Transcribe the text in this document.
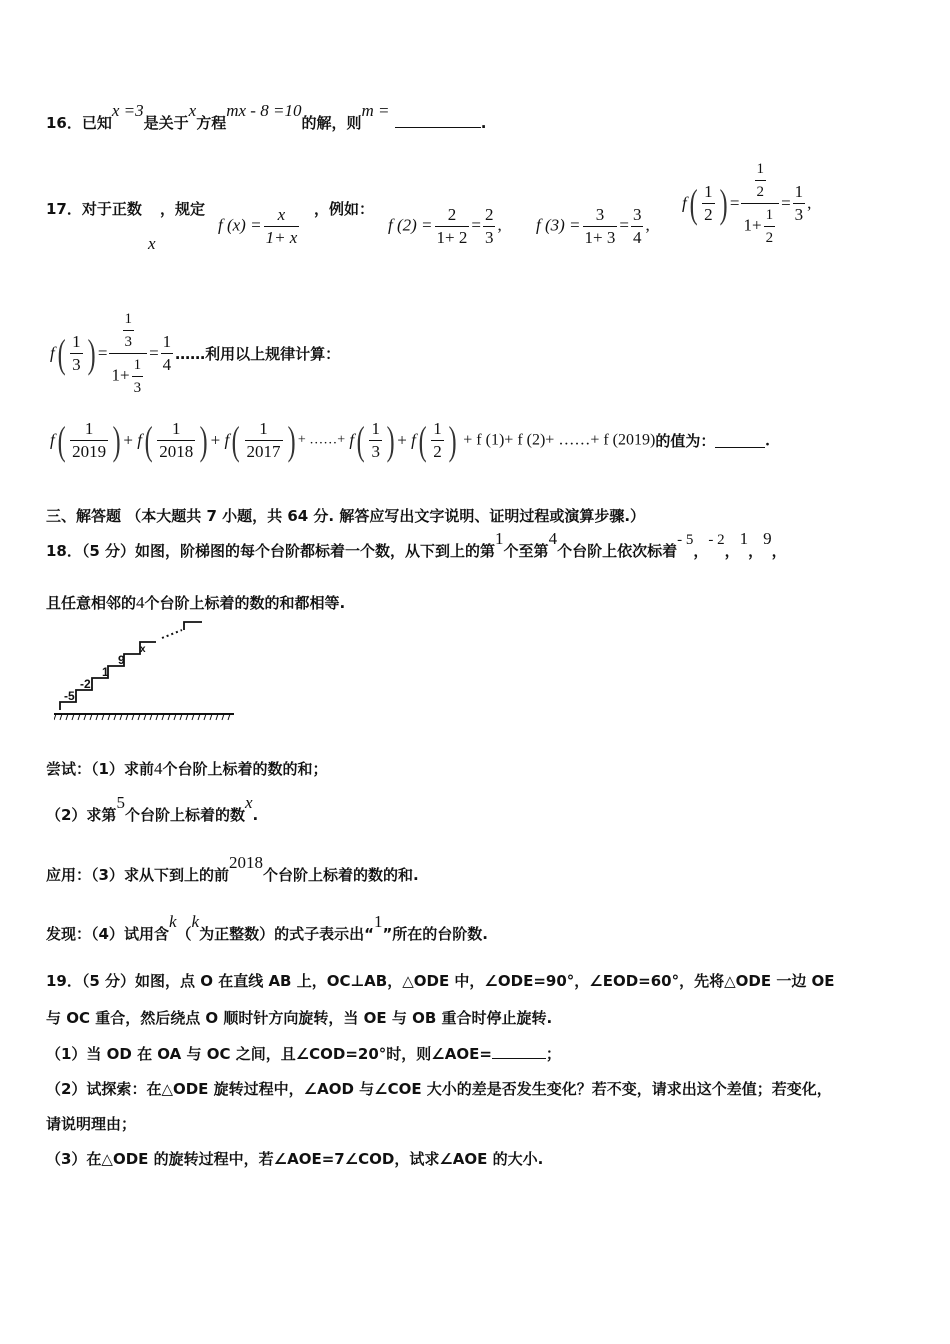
16．已知x =3是关于x方程mx - 8 =10的解，则m = .
17．对于正数
x
，规定
f $(x) = \frac{x}{1+ x}$ ，例如：
f $(2) = \frac{2}{1+ 2} = \frac{2}{3}$ , f $(3) = \frac{3}{1+ 3} = \frac{3}{4}$ ,
$f( \frac{1}{2}$ ) = $\frac{\frac{1}{2}}{1+ \frac{1}{2}} = \frac{1}{3}$ ,
$f( \frac{1}{3}$ ) = $\frac{\frac{1}{3}}{1+ \frac{1}{3}} = \frac{1}{4}$ ……利用以上规律计算：
$f( \frac{1}{2019}$ ) + $f( \frac{1}{2018}$ ) + $f( \frac{1}{2017}$ ) + ……+ $f( \frac{1}{3}$ ) + $f( \frac{1}{2}$ ) + f (1)+ f (2)+ ……+ f (2019)的值为：	.
三、解答题 （本大题共 7 小题，共 64 分. 解答应写出文字说明、证明过程或演算步骤.）
18．（5 分）如图，阶梯图的每个台阶都标着一个数，从下到上的第1个至第4个台阶上依次标着- 5，- 2，1，9，
且任意相邻的4个台阶上标着的数的和都相等.
-5
-2
1
9
x
尝试：（1）求前4个台阶上标着的数的和；
（2）求第5个台阶上标着的数x.
应用：（3）求从下到上的前2018个台阶上标着的数的和.
发现：（4）试用含k（k为正整数）的式子表示出“1”所在的台阶数.
19．（5 分）如图，点 O 在直线 AB 上，OC⊥AB，△ODE 中，∠ODE=90°，∠EOD=60°，先将△ODE 一边 OE
与 OC 重合，然后绕点 O 顺时针方向旋转，当 OE 与 OB 重合时停止旋转.
（1）当 OD 在 OA 与 OC 之间，且∠COD=20°时，则∠AOE=	；
（2）试探索：在△ODE 旋转过程中，∠AOD 与∠COE 大小的差是否发生变化？若不变，请求出这个差值；若变化，
请说明理由；
（3）在△ODE 的旋转过程中，若∠AOE=7∠COD，试求∠AOE 的大小.
